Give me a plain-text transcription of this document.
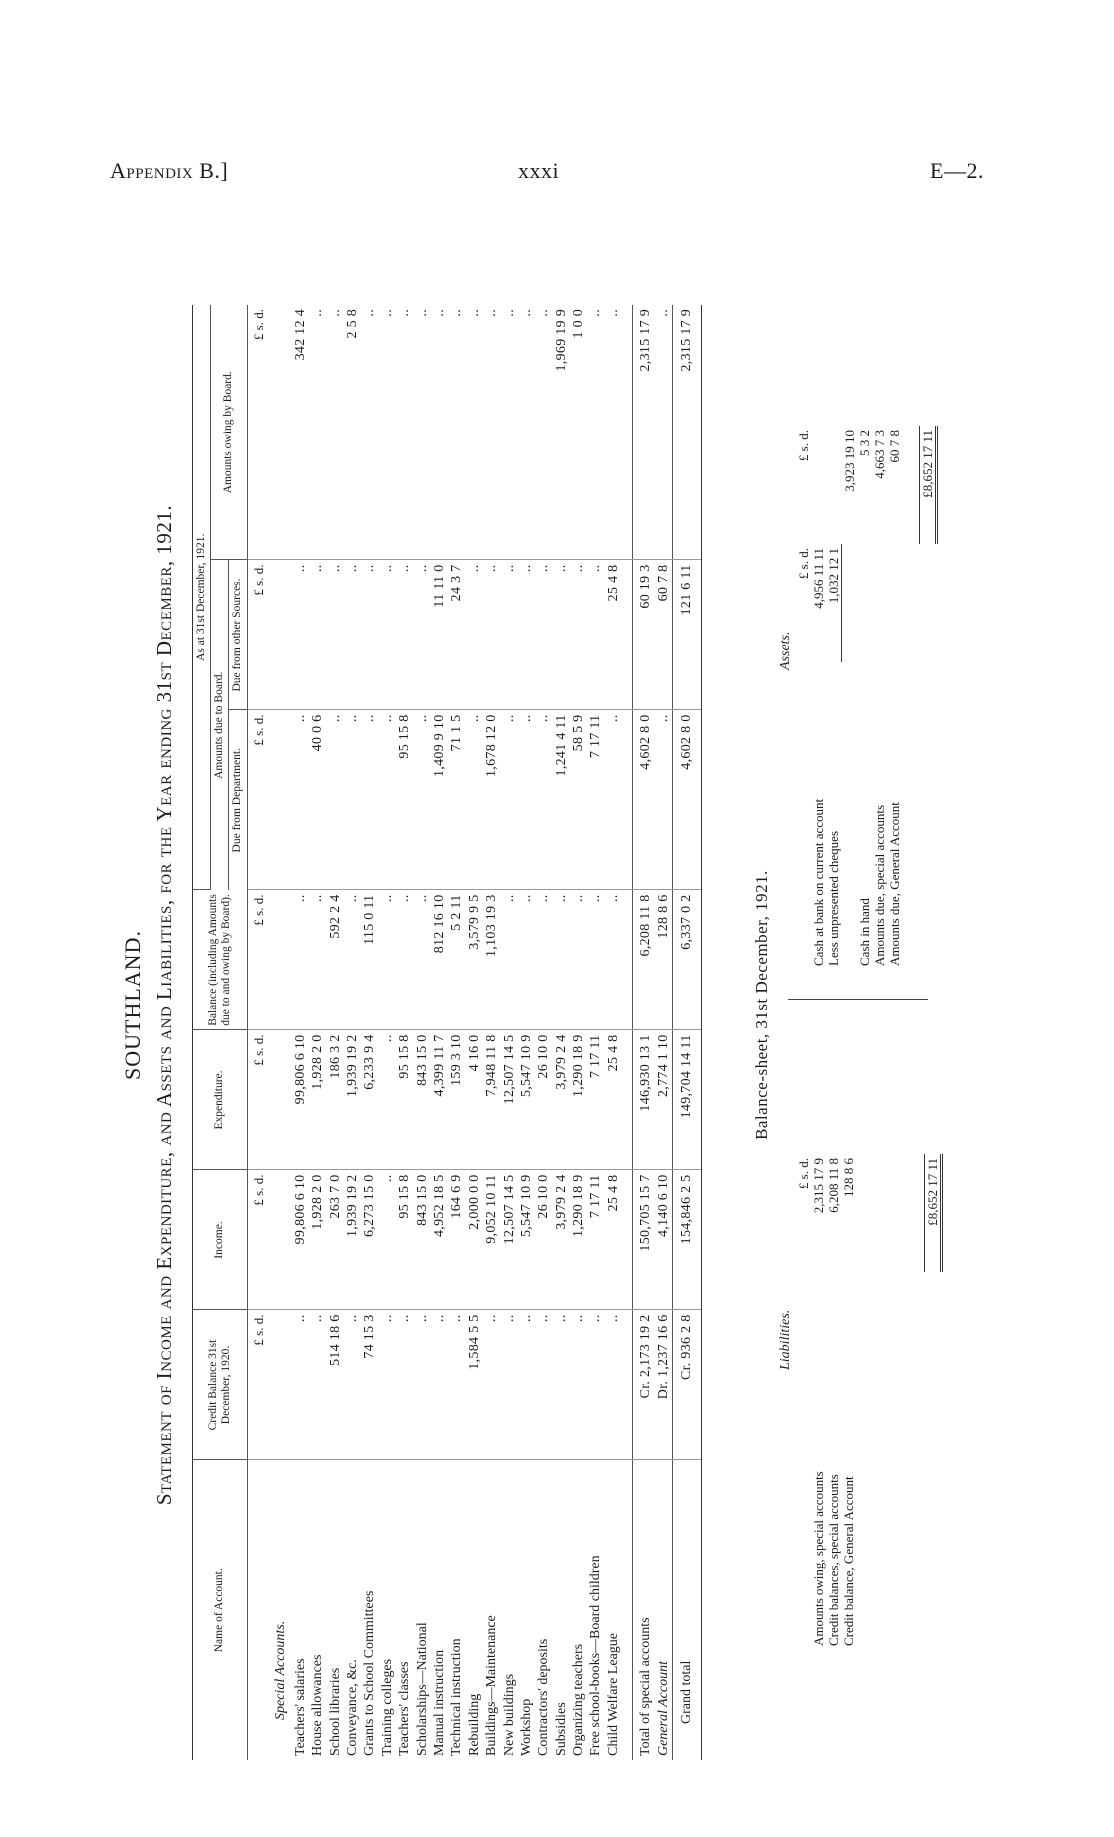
Appendix B.]	xxxi	E—2.
SOUTHLAND. Statement of Income and Expenditure, and Assets and Liabilities, for the Year ending 31st December, 1921.
Name of Account.	Credit Balance 31st December, 1920.	Income.	Expenditure.	Balance (including Amounts due to and owing by Board).	As at 31st December, 1921.		
					Amounts due to Board.		Amounts owing by Board.
					Due from Department.	Due from other Sources.	
	£ s. d.	£ s. d.	£ s. d.	£ s. d.	£ s. d.	£ s. d.	£ s. d.
Special Accounts.							
Teachers' salaries	..	99,806 6 10	99,806 6 10	..	..	..	342 12 4
House allowances	..	1,928 2 0	1,928 2 0	..	40 0 6	..	..
School libraries	514 18 6	263 7 0	186 3 2	592 2 4	..	..	..
Conveyance, &c.	..	1,939 19 2	1,939 19 2	..	..	..	2 5 8
Grants to School Committees	74 15 3	6,273 15 0	6,233 9 4	115 0 11	..	..	..
Training colleges	..	..	..	..	..	..	..
Teachers' classes	..	95 15 8	95 15 8	..	95 15 8	..	..
Scholarships—National	..	843 15 0	843 15 0	..	..	..	..
Manual instruction	..	4,952 18 5	4,399 11 7	812 16 10	1,409 9 10	11 11 0	..
Technical instruction	..	164 6 9	159 3 10	5 2 11	71 1 5	24 3 7	..
Rebuilding	1,584 5 5	2,000 0 0	4 16 0	3,579 9 5	..	..	..
Buildings—Maintenance	..	9,052 10 11	7,948 11 8	1,103 19 3	1,678 12 0	..	..
New buildings	..	12,507 14 5	12,507 14 5	..	..	..	..
Workshop	..	5,547 10 9	5,547 10 9	..	..	..	..
Contractors' deposits	..	26 10 0	26 10 0	..	..	..	..
Subsidies	..	3,979 2 4	3,979 2 4	..	1,241 4 11	..	1,969 19 9
Organizing teachers	..	1,290 18 9	1,290 18 9	..	58 5 9	..	1 0 0
Free school-books—Board children	..	7 17 11	7 17 11	..	7 17 11	..	..
Child Welfare League	..	25 4 8	25 4 8	..	..	25 4 8	..

Total of special accounts	Cr. 2,173 19 2	150,705 15 7	146,930 13 1	6,208 11 8	4,602 8 0	60 19 3	2,315 17 9
General Account	Dr. 1,237 16 6	4,140 6 10	2,774 1 10	128 8 6	..	60 7 8	..
Grand total	Cr. 936 2 8	154,846 2 5	149,704 14 11	6,337 0 2	4,602 8 0	121 6 11	2,315 17 9
Balance-sheet, 31st December, 1921.
Liabilities.
Assets.
	£ s. d.
Amounts owing, special accounts	2,315 17 9
Credit balances, special accounts	6,208 11 8
Credit balance, General Account	128 8 6

	£8,652 17 11
	£ s. d.	£ s. d.
Cash at bank on current account	4,956 11 11	
Less unpresented cheques	1,032 12 1	
		3,923 19 10
Cash in hand		5 3 2
Amounts due, special accounts		4,663 7 3
Amounts due, General Account		60 7 8

		£8,652 17 11
